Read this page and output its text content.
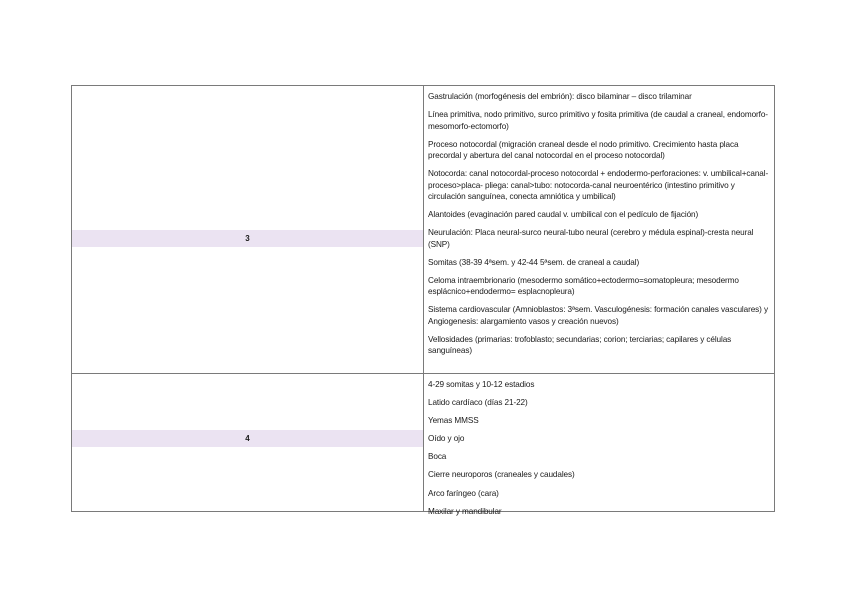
3

Gastrulación (morfogénesis del embrión): disco bilaminar – disco trilaminar

Línea primitiva, nodo primitivo, surco primitivo y fosita primitiva (de caudal a craneal, endomorfo-mesomorfo-ectomorfo)

Proceso notocordal (migración craneal desde el nodo primitivo. Crecimiento hasta placa precordal y abertura del canal notocordal en el proceso notocordal)

Notocorda: canal notocordal-proceso notocordal + endodermo-perforaciones: v. umbilical+canal-proceso>placa- pliega: canal>tubo: notocorda-canal neuroentérico (intestino primitivo y circulación sanguínea, conecta amniótica y umbilical)

Alantoides (evaginación pared caudal v. umbilical con el pedículo de fijación)

Neurulación: Placa neural-surco neural-tubo neural (cerebro y médula espinal)-cresta neural (SNP)

Somitas (38-39 4ªsem. y 42-44 5ªsem. de craneal a caudal)

Celoma intraembrionario (mesodermo somático+ectodermo=somatopleura; mesodermo esplácnico+endodermo= esplacnopleura)

Sistema cardiovascular (Amnioblastos: 3ªsem. Vasculogénesis: formación canales vasculares) y Angiogenesis: alargamiento vasos y creación nuevos)

Vellosidades (primarias: trofoblasto; secundarias; corion; terciarias; capilares y células sanguíneas)

4

4-29 somitas y 10-12 estadios

Latido cardíaco (días 21-22)

Yemas MMSS

Oído y ojo

Boca

Cierre neuroporos (craneales y caudales)

Arco faríngeo (cara)

Maxilar y mandibular
